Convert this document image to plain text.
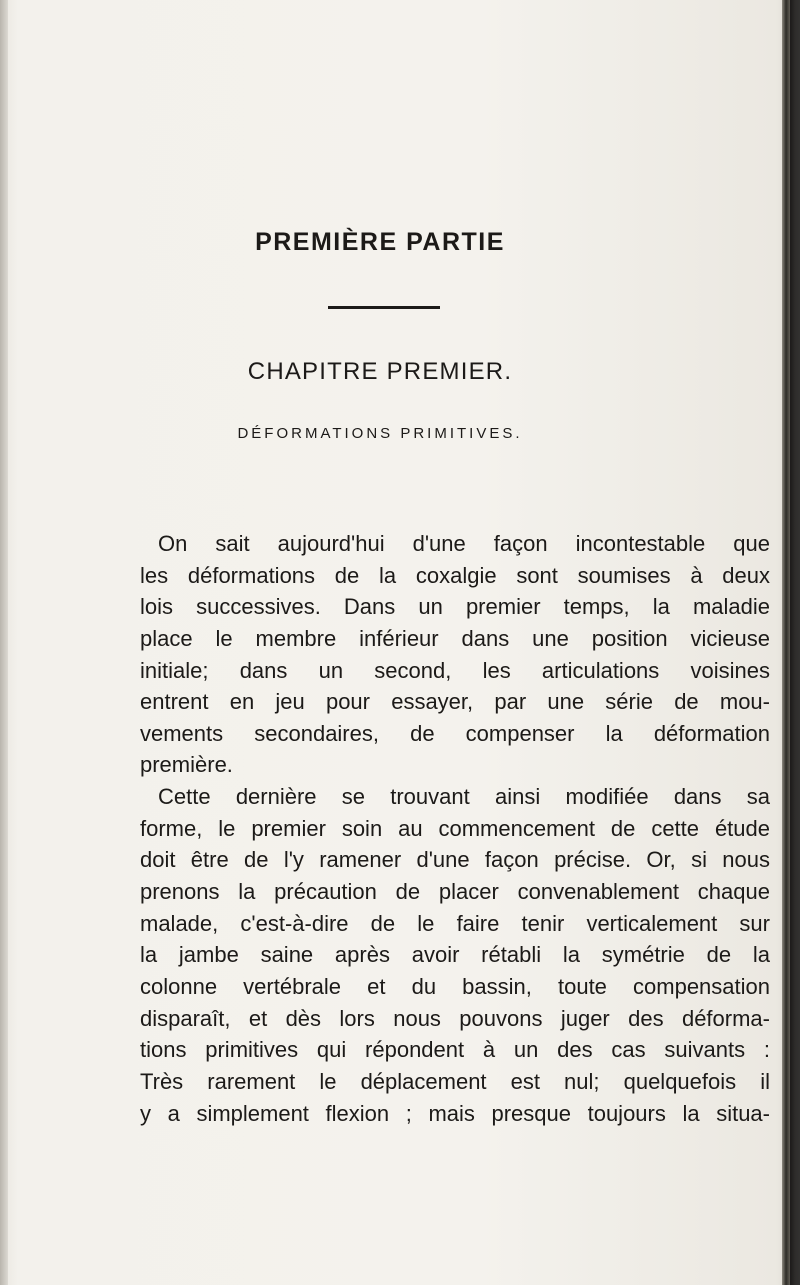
PREMIÈRE PARTIE
CHAPITRE PREMIER.
DÉFORMATIONS PRIMITIVES.
On sait aujourd'hui d'une façon incontestable que
les déformations de la coxalgie sont soumises à deux
lois successives. Dans un premier temps, la maladie
place le membre inférieur dans une position vicieuse
initiale; dans un second, les articulations voisines
entrent en jeu pour essayer, par une série de mou-
vements secondaires, de compenser la déformation
première.
Cette dernière se trouvant ainsi modifiée dans sa
forme, le premier soin au commencement de cette étude
doit être de l'y ramener d'une façon précise. Or, si nous
prenons la précaution de placer convenablement chaque
malade, c'est-à-dire de le faire tenir verticalement sur
la jambe saine après avoir rétabli la symétrie de la
colonne vertébrale et du bassin, toute compensation
disparaît, et dès lors nous pouvons juger des déforma-
tions primitives qui répondent à un des cas suivants :
Très rarement le déplacement est nul; quelquefois il
y a simplement flexion ; mais presque toujours la situa-
